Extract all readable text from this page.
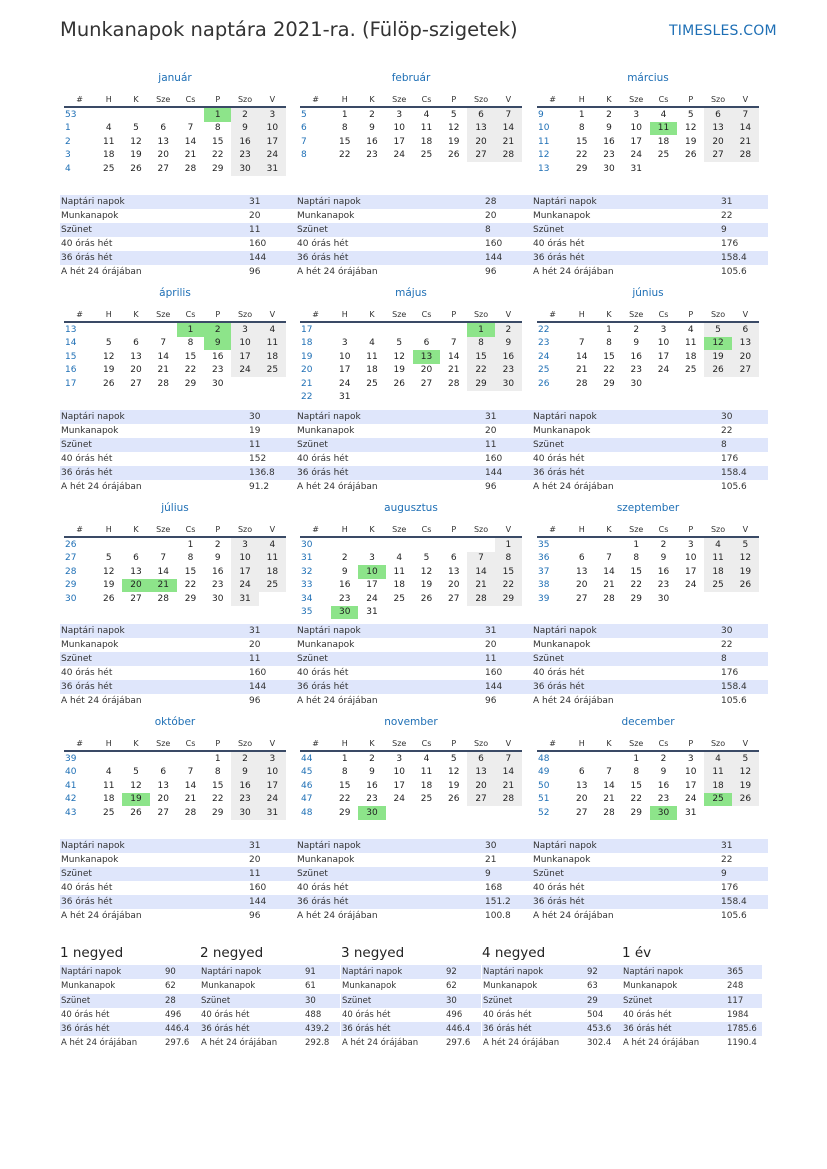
Munkanapok naptára 2021-ra. (Fülöp-szigetek)	TIMESLES.COM
január
#	H	K	Sze	Cs	P	Szo	V
53					1	2	3
1	4	5	6	7	8	9	10
2	11	12	13	14	15	16	17
3	18	19	20	21	22	23	24
4	25	26	27	28	29	30	31
Naptári napok	31
Munkanapok	20
Szünet	11
40 órás hét	160
36 órás hét	144
A hét 24 órájában	96
február
#	H	K	Sze	Cs	P	Szo	V
5	1	2	3	4	5	6	7
6	8	9	10	11	12	13	14
7	15	16	17	18	19	20	21
8	22	23	24	25	26	27	28
Naptári napok	28
Munkanapok	20
Szünet	8
40 órás hét	160
36 órás hét	144
A hét 24 órájában	96
március
#	H	K	Sze	Cs	P	Szo	V
9	1	2	3	4	5	6	7
10	8	9	10	11	12	13	14
11	15	16	17	18	19	20	21
12	22	23	24	25	26	27	28
13	29	30	31				
Naptári napok	31
Munkanapok	22
Szünet	9
40 órás hét	176
36 órás hét	158.4
A hét 24 órájában	105.6
április
#	H	K	Sze	Cs	P	Szo	V
13				1	2	3	4
14	5	6	7	8	9	10	11
15	12	13	14	15	16	17	18
16	19	20	21	22	23	24	25
17	26	27	28	29	30		
Naptári napok	30
Munkanapok	19
Szünet	11
40 órás hét	152
36 órás hét	136.8
A hét 24 órájában	91.2
május
#	H	K	Sze	Cs	P	Szo	V
17						1	2
18	3	4	5	6	7	8	9
19	10	11	12	13	14	15	16
20	17	18	19	20	21	22	23
21	24	25	26	27	28	29	30
22	31						
Naptári napok	31
Munkanapok	20
Szünet	11
40 órás hét	160
36 órás hét	144
A hét 24 órájában	96
június
#	H	K	Sze	Cs	P	Szo	V
22		1	2	3	4	5	6
23	7	8	9	10	11	12	13
24	14	15	16	17	18	19	20
25	21	22	23	24	25	26	27
26	28	29	30				
Naptári napok	30
Munkanapok	22
Szünet	8
40 órás hét	176
36 órás hét	158.4
A hét 24 órájában	105.6
július
#	H	K	Sze	Cs	P	Szo	V
26				1	2	3	4
27	5	6	7	8	9	10	11
28	12	13	14	15	16	17	18
29	19	20	21	22	23	24	25
30	26	27	28	29	30	31	
Naptári napok	31
Munkanapok	20
Szünet	11
40 órás hét	160
36 órás hét	144
A hét 24 órájában	96
augusztus
#	H	K	Sze	Cs	P	Szo	V
30							1
31	2	3	4	5	6	7	8
32	9	10	11	12	13	14	15
33	16	17	18	19	20	21	22
34	23	24	25	26	27	28	29
35	30	31					
Naptári napok	31
Munkanapok	20
Szünet	11
40 órás hét	160
36 órás hét	144
A hét 24 órájában	96
szeptember
#	H	K	Sze	Cs	P	Szo	V
35			1	2	3	4	5
36	6	7	8	9	10	11	12
37	13	14	15	16	17	18	19
38	20	21	22	23	24	25	26
39	27	28	29	30			
Naptári napok	30
Munkanapok	22
Szünet	8
40 órás hét	176
36 órás hét	158.4
A hét 24 órájában	105.6
október
#	H	K	Sze	Cs	P	Szo	V
39					1	2	3
40	4	5	6	7	8	9	10
41	11	12	13	14	15	16	17
42	18	19	20	21	22	23	24
43	25	26	27	28	29	30	31
Naptári napok	31
Munkanapok	20
Szünet	11
40 órás hét	160
36 órás hét	144
A hét 24 órájában	96
november
#	H	K	Sze	Cs	P	Szo	V
44	1	2	3	4	5	6	7
45	8	9	10	11	12	13	14
46	15	16	17	18	19	20	21
47	22	23	24	25	26	27	28
48	29	30					
Naptári napok	30
Munkanapok	21
Szünet	9
40 órás hét	168
36 órás hét	151.2
A hét 24 órájában	100.8
december
#	H	K	Sze	Cs	P	Szo	V
48			1	2	3	4	5
49	6	7	8	9	10	11	12
50	13	14	15	16	17	18	19
51	20	21	22	23	24	25	26
52	27	28	29	30	31		
Naptári napok	31
Munkanapok	22
Szünet	9
40 órás hét	176
36 órás hét	158.4
A hét 24 órájában	105.6
1 negyed
Naptári napok	90
Munkanapok	62
Szünet	28
40 órás hét	496
36 órás hét	446.4
A hét 24 órájában	297.6
2 negyed
Naptári napok	91
Munkanapok	61
Szünet	30
40 órás hét	488
36 órás hét	439.2
A hét 24 órájában	292.8
3 negyed
Naptári napok	92
Munkanapok	62
Szünet	30
40 órás hét	496
36 órás hét	446.4
A hét 24 órájában	297.6
4 negyed
Naptári napok	92
Munkanapok	63
Szünet	29
40 órás hét	504
36 órás hét	453.6
A hét 24 órájában	302.4
1 év
Naptári napok	365
Munkanapok	248
Szünet	117
40 órás hét	1984
36 órás hét	1785.6
A hét 24 órájában	1190.4
